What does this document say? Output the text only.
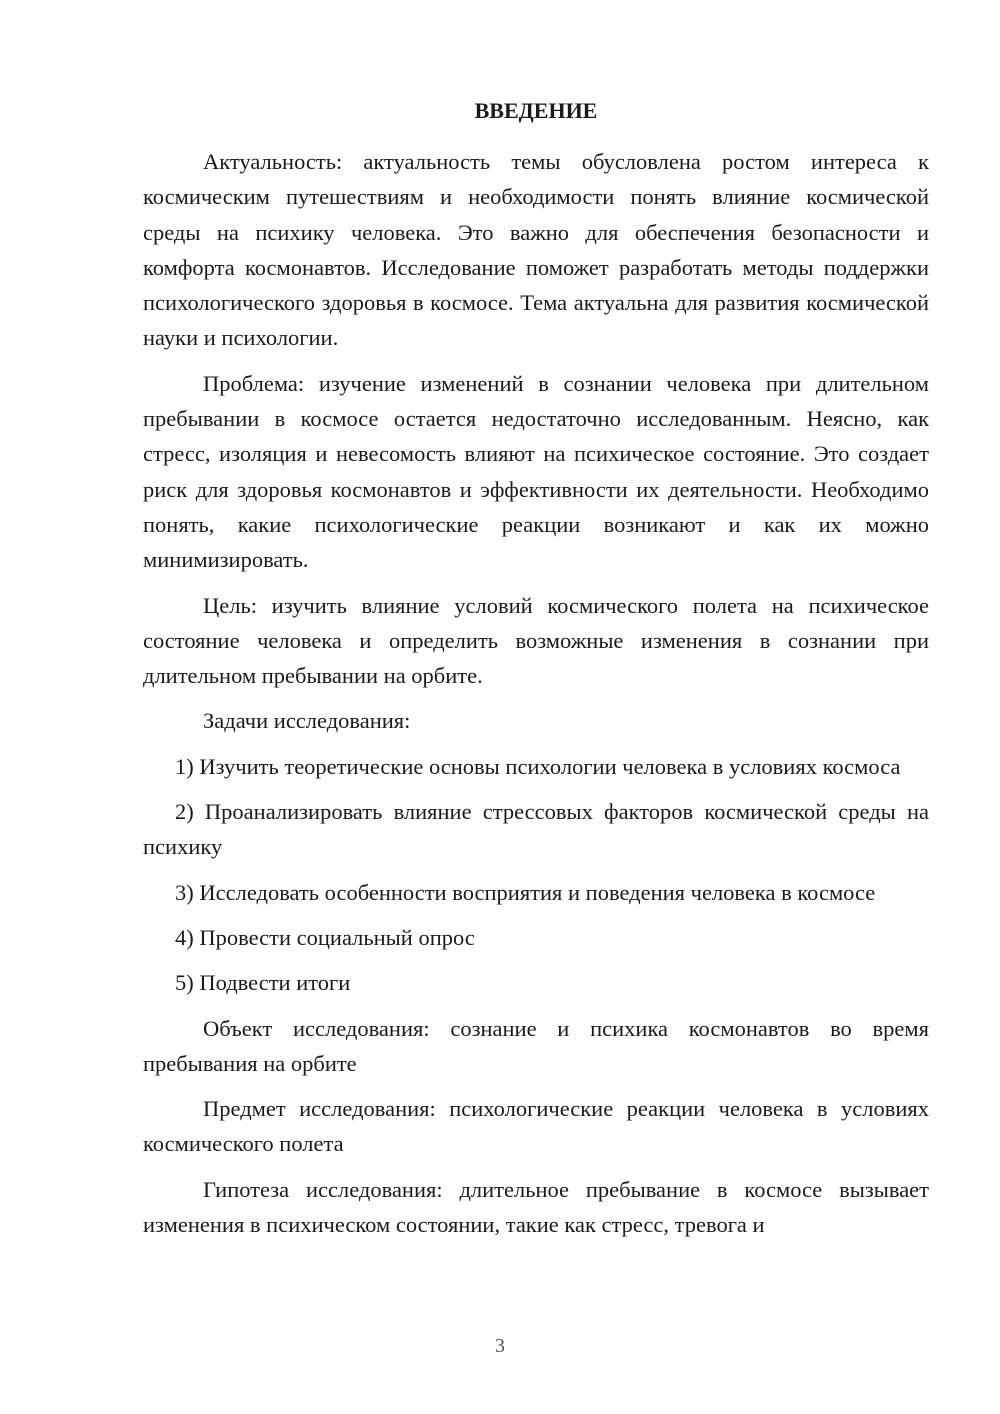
ВВЕДЕНИЕ

Актуальность: актуальность темы обусловлена ростом интереса к космическим путешествиям и необходимости понять влияние космической среды на психику человека. Это важно для обеспечения безопасности и комфорта космонавтов. Исследование поможет разработать методы поддержки психологического здоровья в космосе. Тема актуальна для развития космической науки и психологии.

Проблема: изучение изменений в сознании человека при длительном пребывании в космосе остается недостаточно исследованным. Неясно, как стресс, изоляция и невесомость влияют на психическое состояние. Это создает риск для здоровья космонавтов и эффективности их деятельности. Необходимо понять, какие психологические реакции возникают и как их можно минимизировать.

Цель: изучить влияние условий космического полета на психическое состояние человека и определить возможные изменения в сознании при длительном пребывании на орбите.

Задачи исследования:

1) Изучить теоретические основы психологии человека в условиях космоса

2) Проанализировать влияние стрессовых факторов космической среды на психику

3) Исследовать особенности восприятия и поведения человека в космосе

4) Провести социальный опрос

5) Подвести итоги

Объект исследования: сознание и психика космонавтов во время пребывания на орбите

Предмет исследования: психологические реакции человека в условиях космического полета

Гипотеза исследования: длительное пребывание в космосе вызывает изменения в психическом состоянии, такие как стресс, тревога и

3
